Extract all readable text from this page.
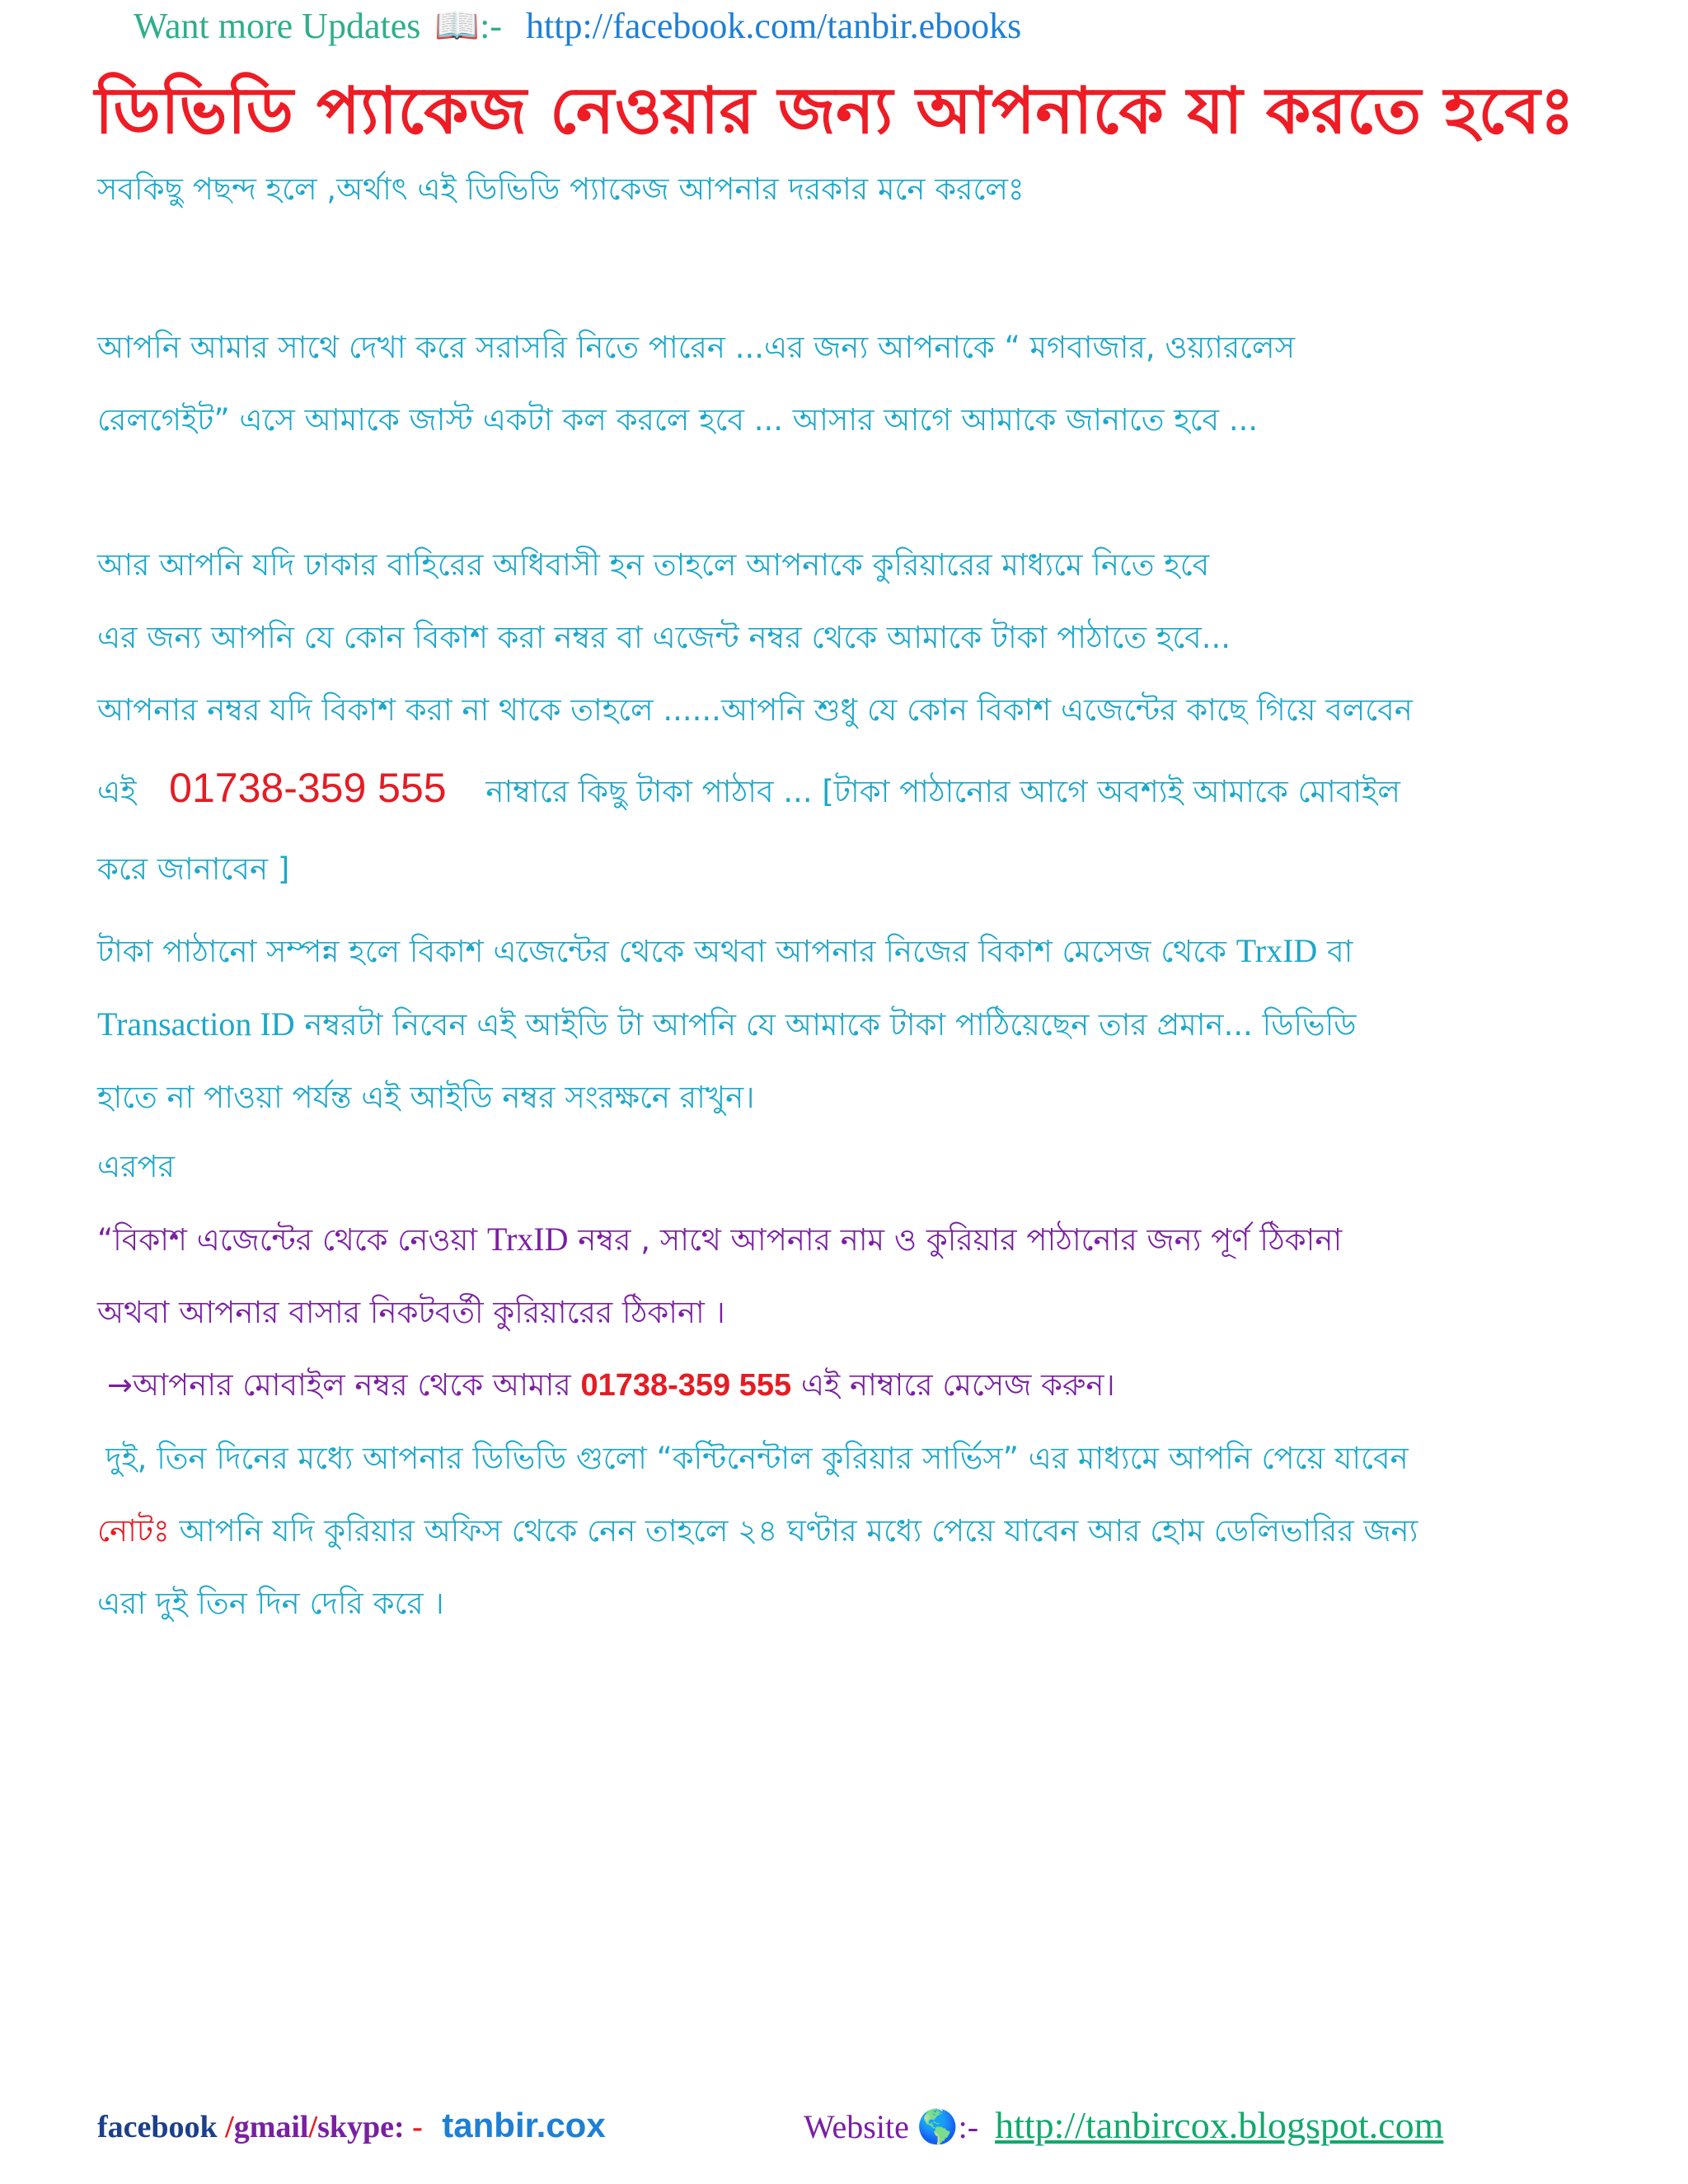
Want more Updates 📖:- http://facebook.com/tanbir.ebooks
ডিভিডি প্যাকেজ নেওয়ার জন্য আপনাকে যা করতে হবেঃ
সবকিছু পছন্দ হলে ,অর্থাৎ এই ডিভিডি প্যাকেজ আপনার দরকার মনে করলেঃ
আপনি আমার সাথে দেখা করে সরাসরি নিতে পারেন ...এর জন্য আপনাকে “ মগবাজার, ওয়্যারলেস
রেলগেইট” এসে আমাকে জাস্ট একটা কল করলে হবে ... আসার আগে আমাকে জানাতে হবে ...
আর আপনি যদি ঢাকার বাহিরের অধিবাসী হন তাহলে আপনাকে কুরিয়ারের মাধ্যমে নিতে হবে
এর জন্য আপনি যে কোন বিকাশ করা নম্বর বা এজেন্ট নম্বর থেকে আমাকে টাকা পাঠাতে হবে...
আপনার নম্বর যদি বিকাশ করা না থাকে তাহলে ......আপনি শুধু যে কোন বিকাশ এজেন্টের কাছে গিয়ে বলবেন
এই 01738-359 555 নাম্বারে কিছু টাকা পাঠাব ... [টাকা পাঠানোর আগে অবশ্যই আমাকে মোবাইল
করে জানাবেন ]
টাকা পাঠানো সম্পন্ন হলে বিকাশ এজেন্টের থেকে অথবা আপনার নিজের বিকাশ মেসেজ থেকে TrxID বা
Transaction ID নম্বরটা নিবেন এই আইডি টা আপনি যে আমাকে টাকা পাঠিয়েছেন তার প্রমান... ডিভিডি
হাতে না পাওয়া পর্যন্ত এই আইডি নম্বর সংরক্ষনে রাখুন।
এরপর
“বিকাশ এজেন্টের থেকে নেওয়া TrxID নম্বর , সাথে আপনার নাম ও কুরিয়ার পাঠানোর জন্য পূর্ণ ঠিকানা
অথবা আপনার বাসার নিকটবর্তী কুরিয়ারের ঠিকানা ।
→আপনার মোবাইল নম্বর থেকে আমার 01738-359 555 এই নাম্বারে মেসেজ করুন।
দুই, তিন দিনের মধ্যে আপনার ডিভিডি গুলো “কন্টিনেন্টাল কুরিয়ার সার্ভিস” এর মাধ্যমে আপনি পেয়ে যাবেন
নোটঃ আপনি যদি কুরিয়ার অফিস থেকে নেন তাহলে ২৪ ঘণ্টার মধ্যে পেয়ে যাবেন আর হোম ডেলিভারির জন্য
এরা দুই তিন দিন দেরি করে ।
facebook /gmail/skype: - tanbir.cox	Website 🌎:- http://tanbircox.blogspot.com
